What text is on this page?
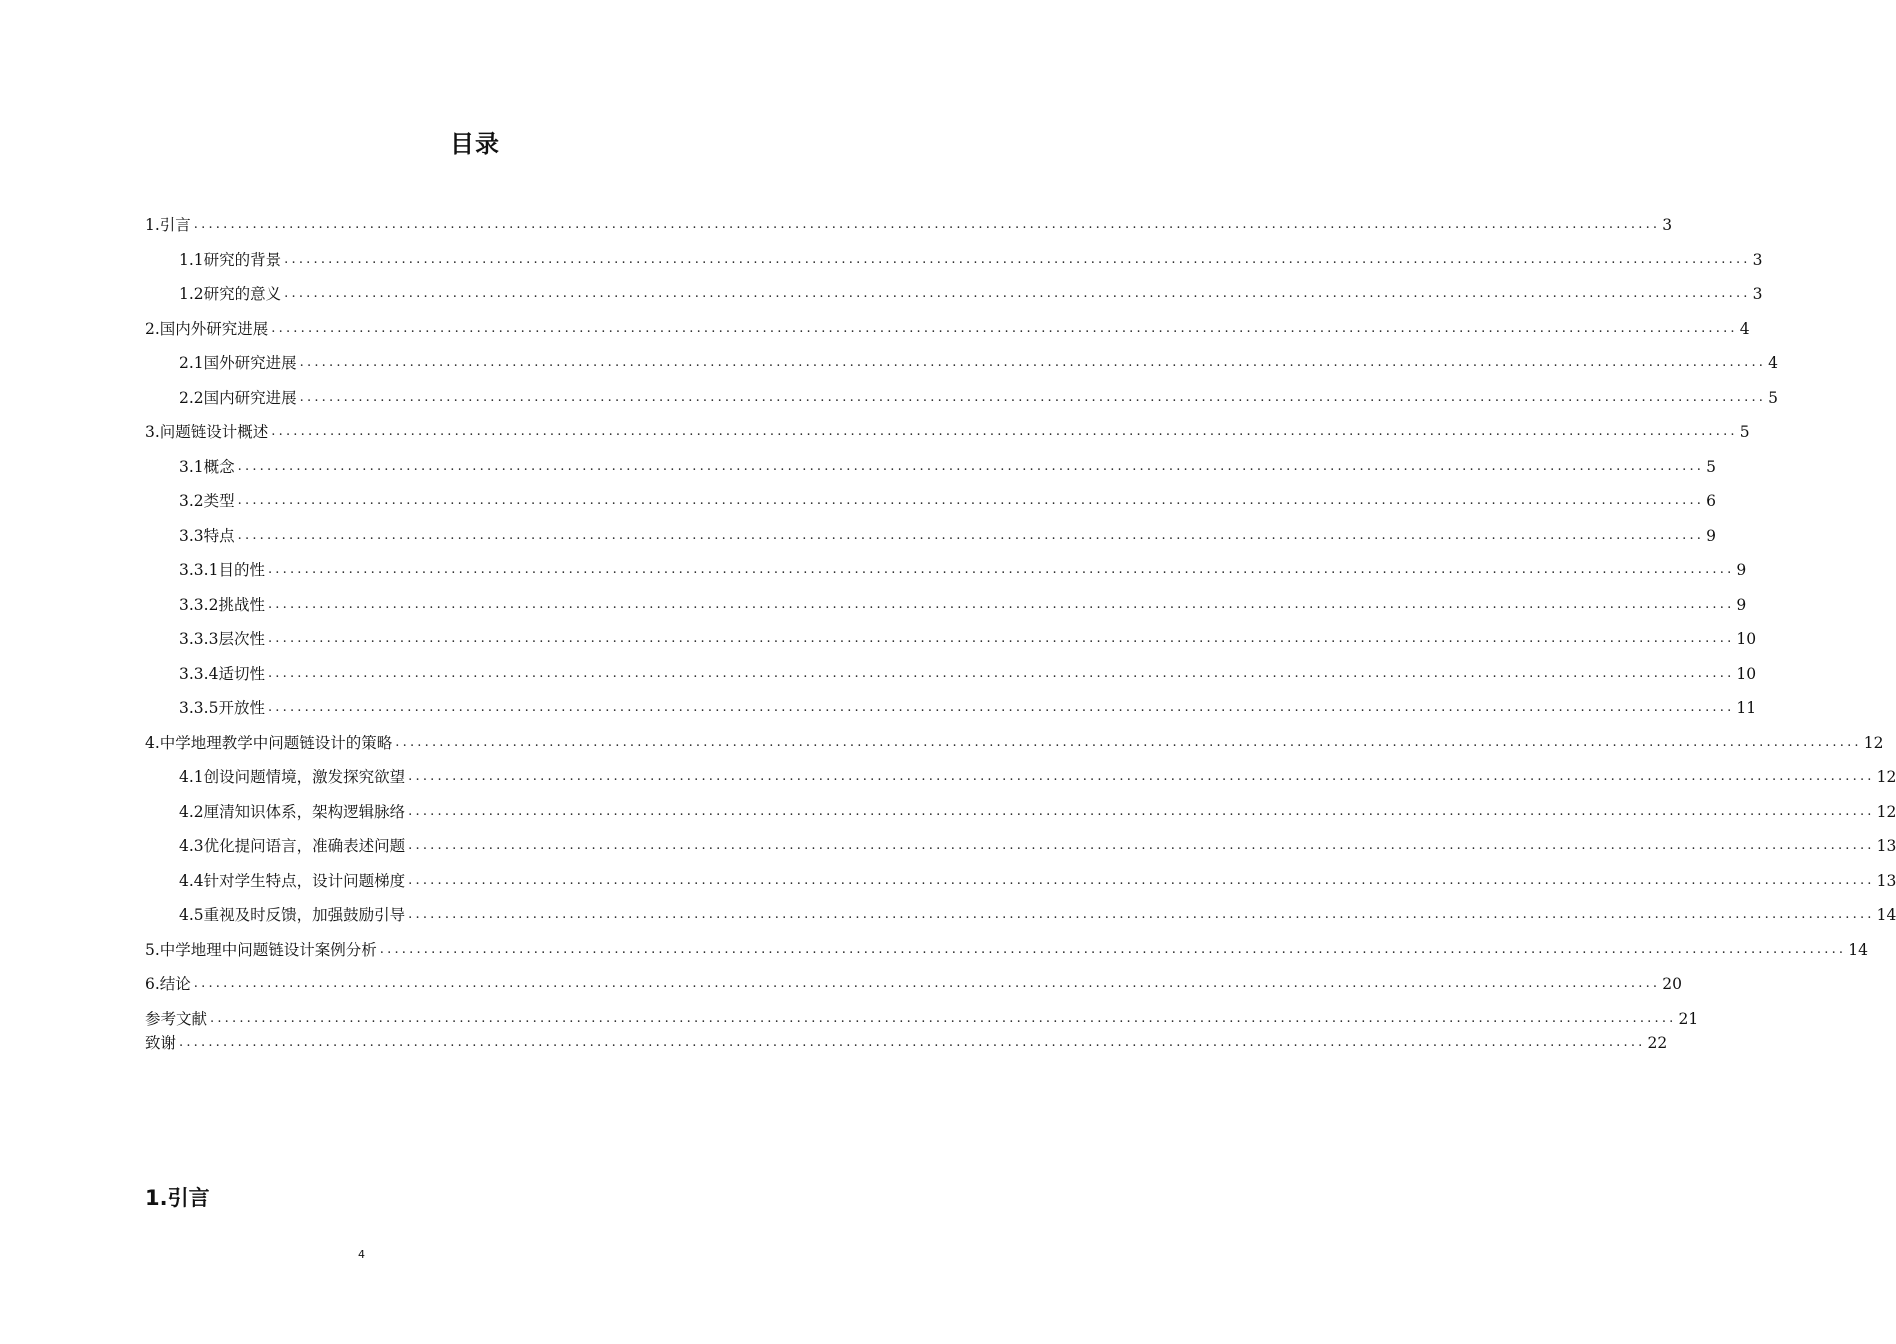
目录
1.引言 ........................................................................................................................................................................................................ 3
1.1研究的背景 ........................................................................................................................................................................................................ 3
1.2研究的意义 ........................................................................................................................................................................................................ 3
2.国内外研究进展 ........................................................................................................................................................................................................ 4
2.1国外研究进展 ........................................................................................................................................................................................................ 4
2.2国内研究进展 ........................................................................................................................................................................................................ 5
3.问题链设计概述 ........................................................................................................................................................................................................ 5
3.1概念 ........................................................................................................................................................................................................ 5
3.2类型 ........................................................................................................................................................................................................ 6
3.3特点 ........................................................................................................................................................................................................ 9
3.3.1目的性 ........................................................................................................................................................................................................ 9
3.3.2挑战性 ........................................................................................................................................................................................................ 9
3.3.3层次性 ........................................................................................................................................................................................................ 10
3.3.4适切性 ........................................................................................................................................................................................................ 10
3.3.5开放性 ........................................................................................................................................................................................................ 11
4.中学地理教学中问题链设计的策略 ........................................................................................................................................................................................................ 12
4.1创设问题情境，激发探究欲望 ........................................................................................................................................................................................................ 12
4.2厘清知识体系，架构逻辑脉络 ........................................................................................................................................................................................................ 12
4.3优化提问语言，准确表述问题 ........................................................................................................................................................................................................ 13
4.4针对学生特点，设计问题梯度 ........................................................................................................................................................................................................ 13
4.5重视及时反馈，加强鼓励引导 ........................................................................................................................................................................................................ 14
5.中学地理中问题链设计案例分析 ........................................................................................................................................................................................................ 14
6.结论 ........................................................................................................................................................................................................ 20
参考文献 ........................................................................................................................................................................................................ 21
致谢 ........................................................................................................................................................................................................ 22
1.引言
4
